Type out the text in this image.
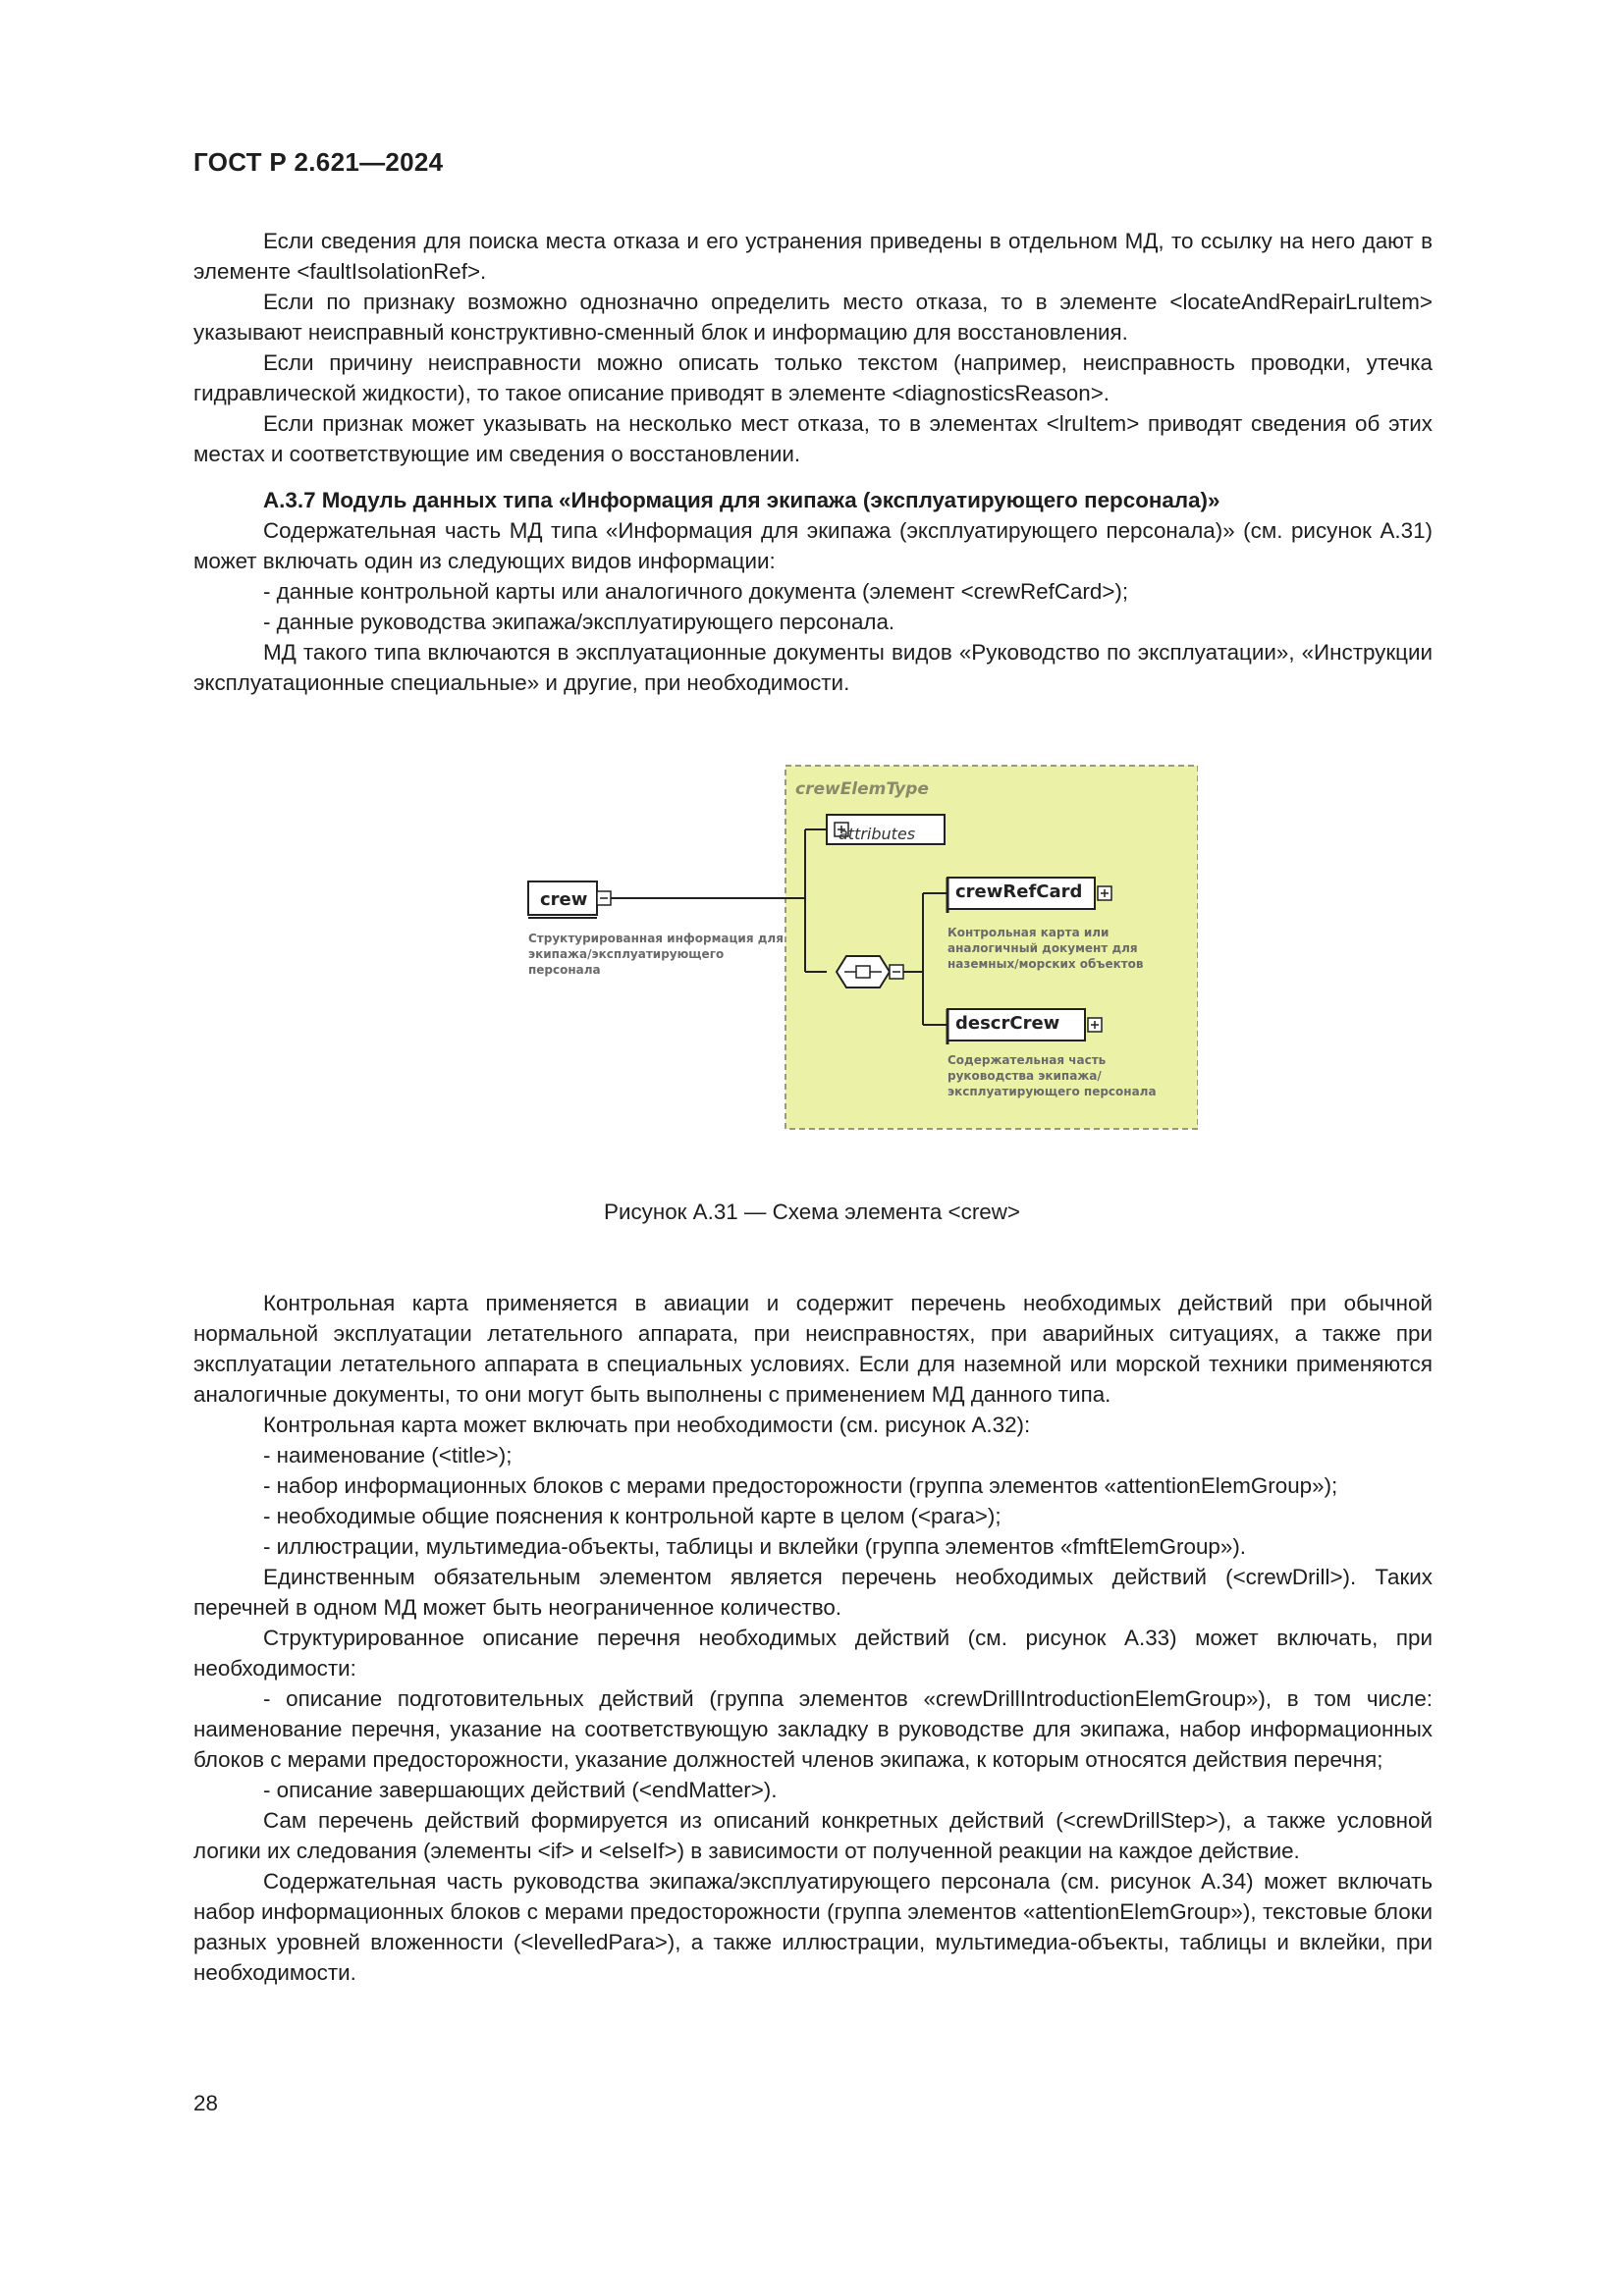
ГОСТ Р 2.621—2024

Если сведения для поиска места отказа и его устранения приведены в отдельном МД, то ссылку на него дают в элементе <faultIsolationRef>.

Если по признаку возможно однозначно определить место отказа, то в элементе <locateAndRepairLruItem> указывают неисправный конструктивно-сменный блок и информацию для восстановления.

Если причину неисправности можно описать только текстом (например, неисправность проводки, утечка гидравлической жидкости), то такое описание приводят в элементе <diagnosticsReason>.

Если признак может указывать на несколько мест отказа, то в элементах <lruItem> приводят сведения об этих местах и соответствующие им сведения о восстановлении.

А.3.7 Модуль данных типа «Информация для экипажа (эксплуатирующего персонала)»

Содержательная часть МД типа «Информация для экипажа (эксплуатирующего персонала)» (см. рисунок А.31) может включать один из следующих видов информации:

- данные контрольной карты или аналогичного документа (элемент <crewRefCard>);

- данные руководства экипажа/эксплуатирующего персонала.

МД такого типа включаются в эксплуатационные документы видов «Руководство по эксплуатации», «Инструкции эксплуатационные специальные» и другие, при необходимости.

crewElemType
attributes
crew
Структурированная информация для экипажа/эксплуатирующего персонала
crewRefCard
Контрольная карта или аналогичный документ для наземных/морских объектов
descrCrew
Содержательная часть руководства экипажа/эксплуатирующего персонала
Рисунок А.31 — Схема элемента <crew>

Контрольная карта применяется в авиации и содержит перечень необходимых действий при обычной нормальной эксплуатации летательного аппарата, при неисправностях, при аварийных ситуациях, а также при эксплуатации летательного аппарата в специальных условиях. Если для наземной или морской техники применяются аналогичные документы, то они могут быть выполнены с применением МД данного типа.

Контрольная карта может включать при необходимости (см. рисунок А.32):

- наименование (<title>);

- набор информационных блоков с мерами предосторожности (группа элементов «attentionElemGroup»);

- необходимые общие пояснения к контрольной карте в целом (<para>);

- иллюстрации, мультимедиа-объекты, таблицы и вклейки (группа элементов «fmftElemGroup»).

Единственным обязательным элементом является перечень необходимых действий (<crewDrill>). Таких перечней в одном МД может быть неограниченное количество.

Структурированное описание перечня необходимых действий (см. рисунок А.33) может включать, при необходимости:

- описание подготовительных действий (группа элементов «crewDrillIntroductionElemGroup»), в том числе: наименование перечня, указание на соответствующую закладку в руководстве для экипажа, набор информационных блоков с мерами предосторожности, указание должностей членов экипажа, к которым относятся действия перечня;

- описание завершающих действий (<endMatter>).

Сам перечень действий формируется из описаний конкретных действий (<crewDrillStep>), а также условной логики их следования (элементы <if> и <elseIf>) в зависимости от полученной реакции на каждое действие.

Содержательная часть руководства экипажа/эксплуатирующего персонала (см. рисунок А.34) может включать набор информационных блоков с мерами предосторожности (группа элементов «attentionElemGroup»), текстовые блоки разных уровней вложенности (<levelledPara>), а также иллюстрации, мультимедиа-объекты, таблицы и вклейки, при необходимости.

28
